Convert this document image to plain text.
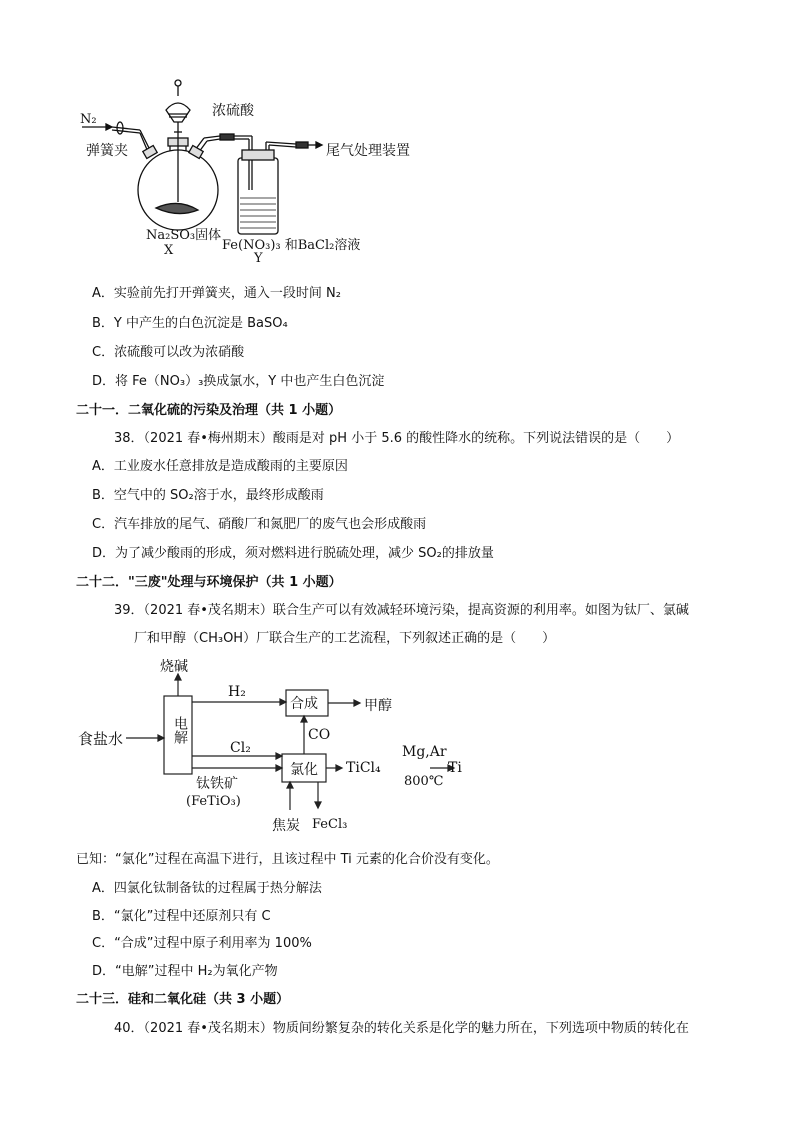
N₂
弹簧夹
浓硫酸
尾气处理装置
Na₂SO₃固体
X	Fe(NO₃)₃ 和BaCl₂溶液
Y
A．实验前先打开弹簧夹，通入一段时间 N₂
B．Y 中产生的白色沉淀是 BaSO₄
C．浓硫酸可以改为浓硝酸
D．将 Fe（NO₃）₃换成氯水，Y 中也产生白色沉淀
二十一．二氧化硫的污染及治理（共 1 小题）
38．（2021 春•梅州期末）酸雨是对 pH 小于 5.6 的酸性降水的统称。下列说法错误的是（　　）
A．工业废水任意排放是造成酸雨的主要原因
B．空气中的 SO₂溶于水，最终形成酸雨
C．汽车排放的尾气、硝酸厂和氮肥厂的废气也会形成酸雨
D．为了减少酸雨的形成，须对燃料进行脱硫处理，减少 SO₂的排放量
二十二．"三废"处理与环境保护（共 1 小题）
39．（2021 春•茂名期末）联合生产可以有效减轻环境污染，提高资源的利用率。如图为钛厂、氯碱
厂和甲醇（CH₃OH）厂联合生产的工艺流程，下列叙述正确的是（　　）
食盐水	电解
烧碱
H₂
合成	甲醇
CO
Cl₂
氯化 TiCl₄
Mg,Ar
800℃
Ti
钛铁矿
(FeTiO₃)
焦炭 FeCl₃
已知：“氯化”过程在高温下进行，且该过程中 Ti 元素的化合价没有变化。
A．四氯化钛制备钛的过程属于热分解法
B．“氯化”过程中还原剂只有 C
C．“合成”过程中原子利用率为 100%
D．“电解”过程中 H₂为氧化产物
二十三．硅和二氧化硅（共 3 小题）
40．（2021 春•茂名期末）物质间纷繁复杂的转化关系是化学的魅力所在，下列选项中物质的转化在
